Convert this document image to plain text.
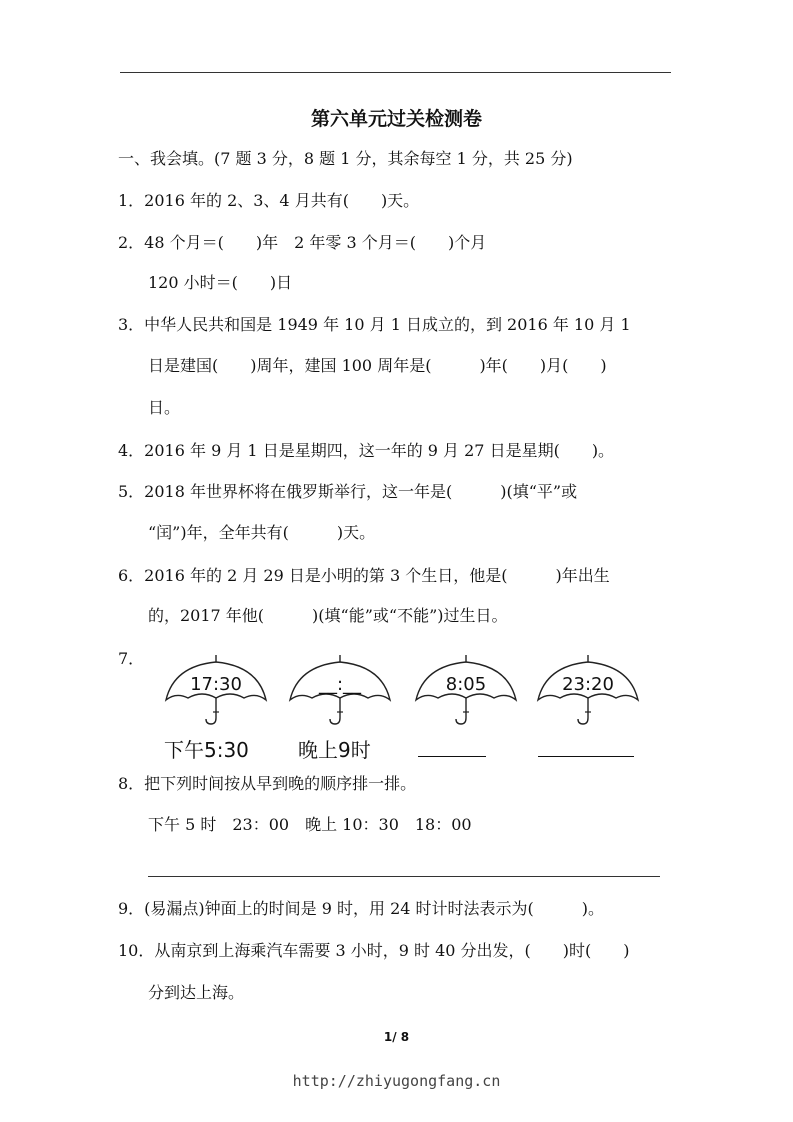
第六单元过关检测卷
一、我会填。(7 题 3 分，8 题 1 分，其余每空 1 分，共 25 分)
1．2016 年的 2、3、4 月共有(　　)天。
2．48 个月＝(　　)年　2 年零 3 个月＝(　　)个月
120 小时＝(　　)日
3．中华人民共和国是 1949 年 10 月 1 日成立的，到 2016 年 10 月 1
日是建国(　　)周年，建国 100 周年是(　　　)年(　　)月(　　)
日。
4．2016 年 9 月 1 日是星期四，这一年的 9 月 27 日是星期(　　)。
5．2018 年世界杯将在俄罗斯举行，这一年是(　　　)(填“平”或
“闰”)年，全年共有(　　　)天。
6．2016 年的 2 月 29 日是小明的第 3 个生日，他是(　　　)年出生
的，2017 年他(　　　)(填“能”或“不能”)过生日。
7．
17:30	__:__	8:05	23:20
下午5:30 晚上9时
8．把下列时间按从早到晚的顺序排一排。
下午 5 时　23：00　晚上 10：30　18：00
9．(易漏点)钟面上的时间是 9 时，用 24 时计时法表示为(　　　)。
10．从南京到上海乘汽车需要 3 小时，9 时 40 分出发，(　　)时(　　)
分到达上海。
1/ 8
http://zhiyugongfang.cn
